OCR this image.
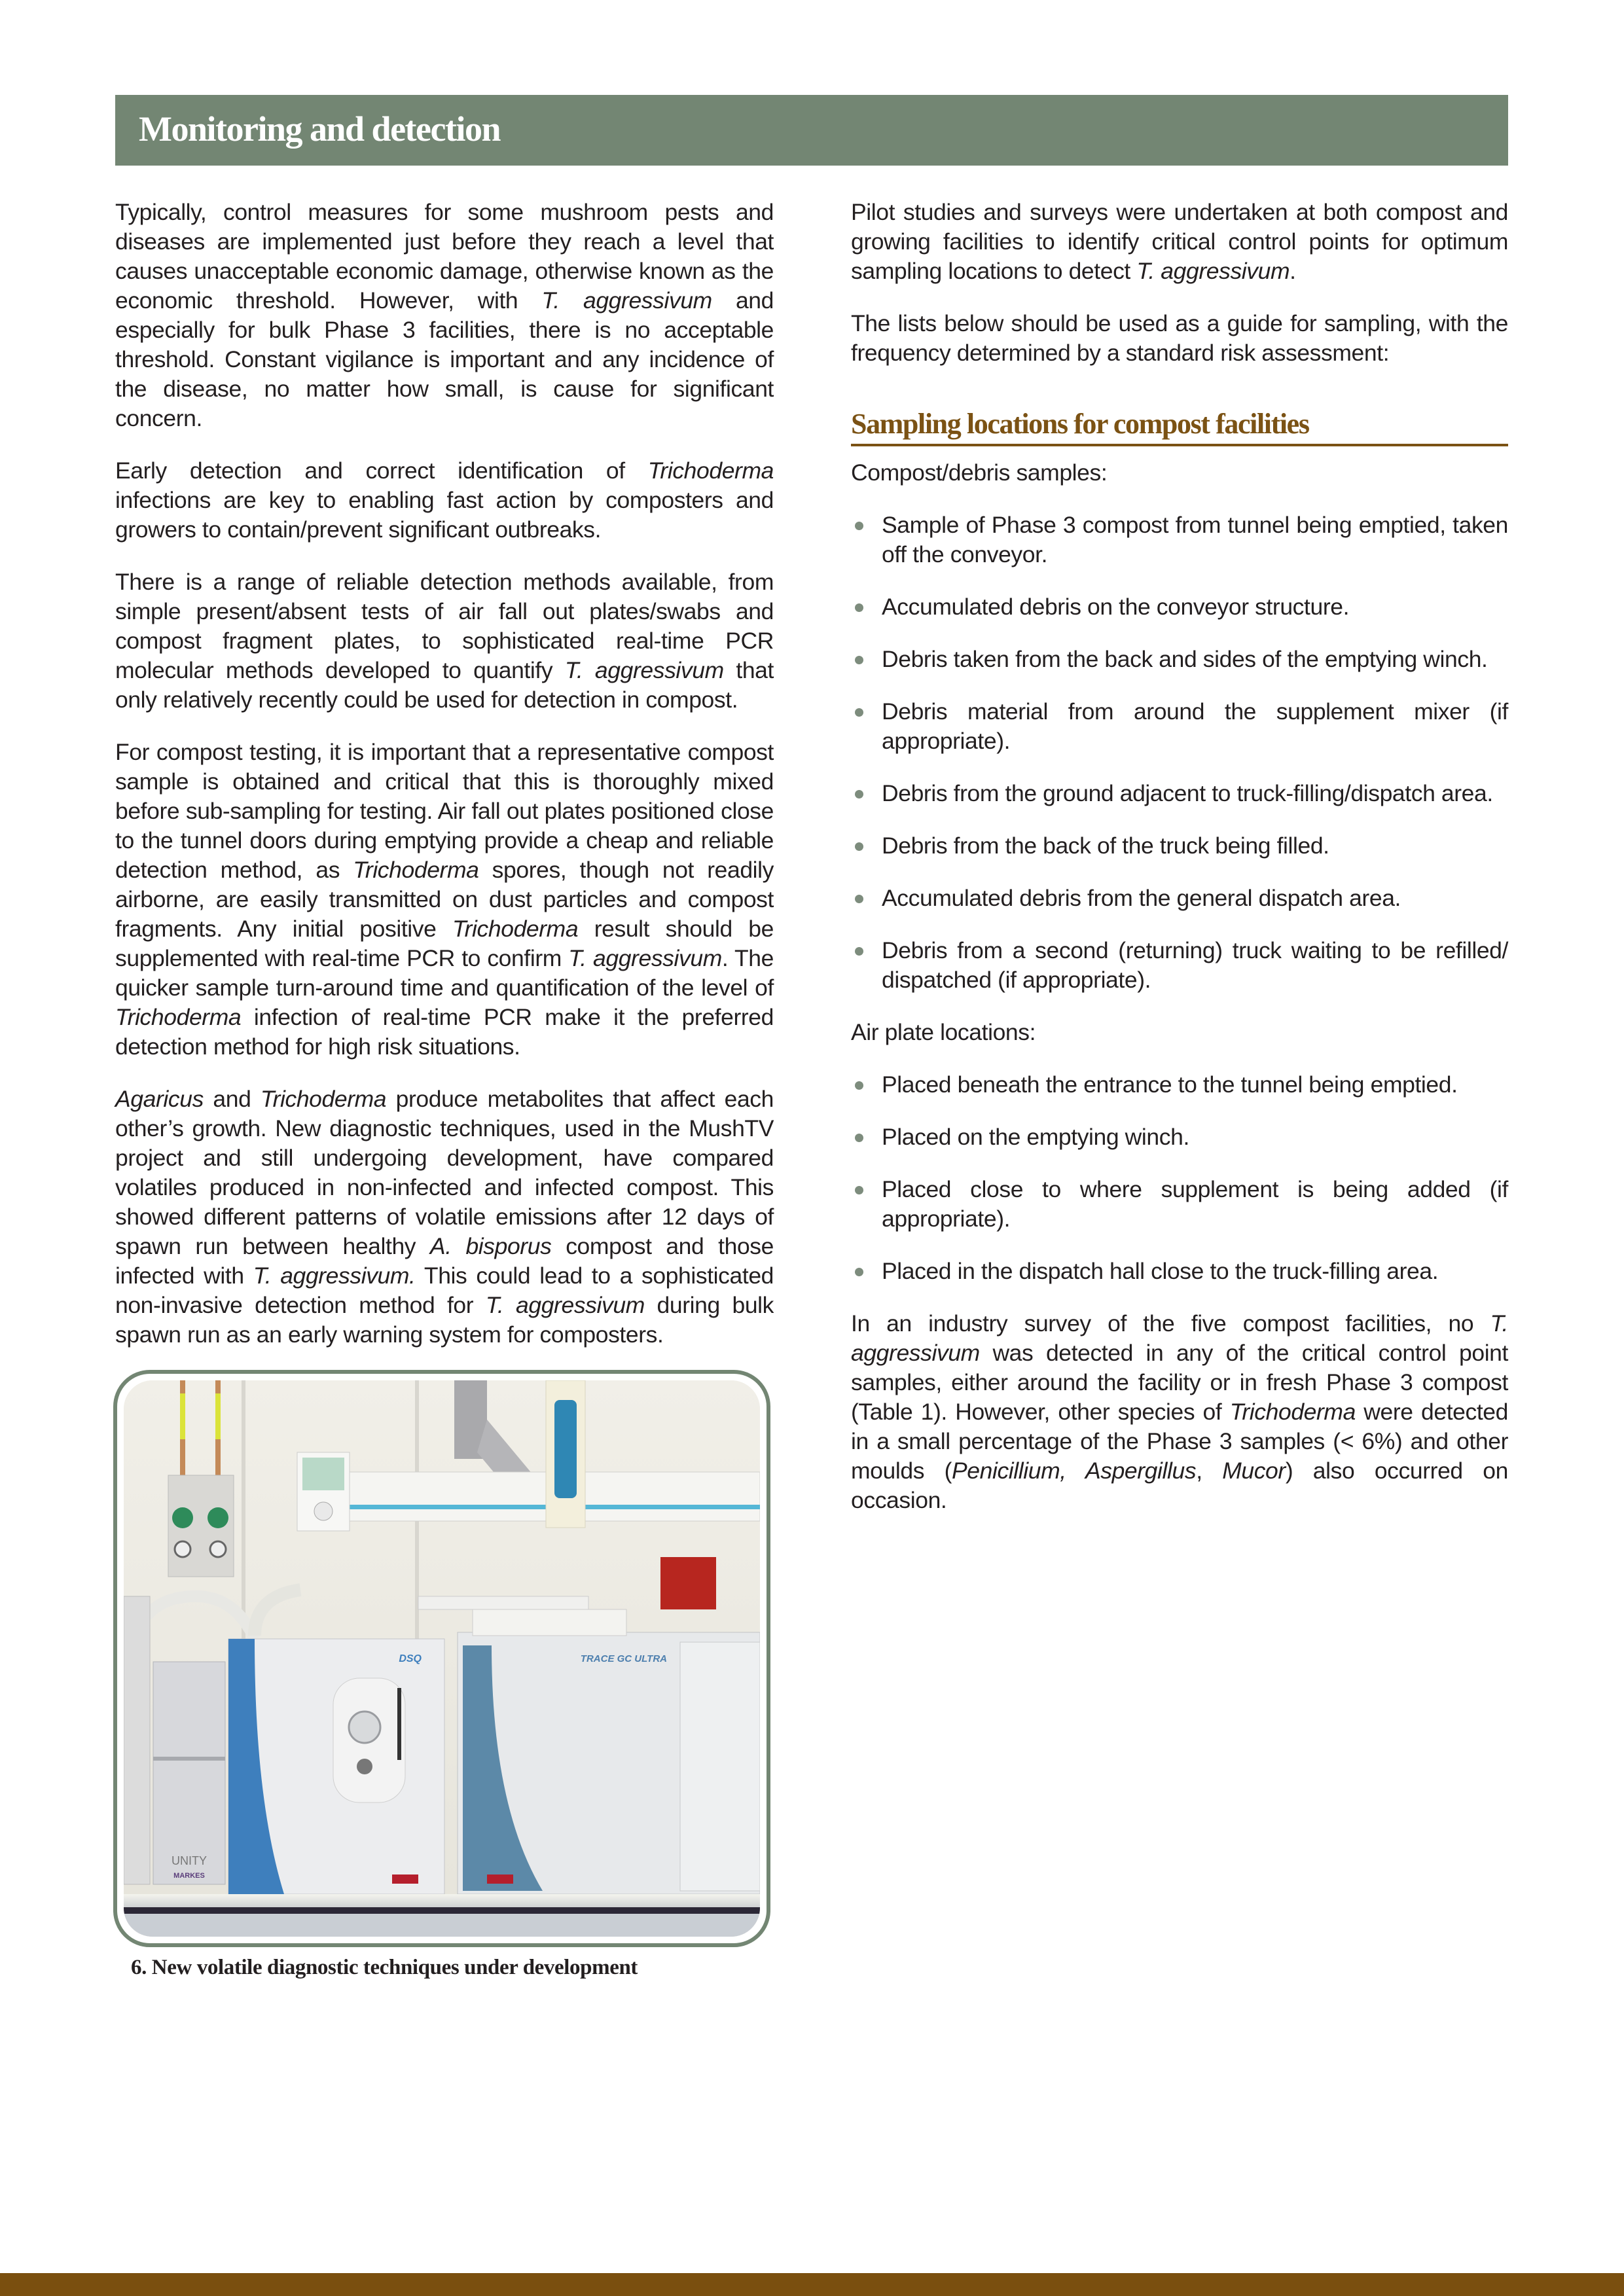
Monitoring and detection

Typically, control measures for some mushroom pests and diseases are implemented just before they reach a level that causes unacceptable economic damage, otherwise known as the economic threshold. However, with T. aggressivum and especially for bulk Phase 3 facilities, there is no acceptable threshold. Constant vigilance is important and any incidence of the disease, no matter how small, is cause for significant concern.

Early detection and correct identification of Trichoderma infections are key to enabling fast action by composters and growers to contain/prevent significant outbreaks.

There is a range of reliable detection methods available, from simple present/absent tests of air fall out plates/swabs and compost fragment plates, to sophisticated real-time PCR molecular methods developed to quantify T. aggressivum that only relatively recently could be used for detection in compost.

For compost testing, it is important that a representative compost sample is obtained and critical that this is thoroughly mixed before sub-sampling for testing. Air fall out plates positioned close to the tunnel doors during emptying provide a cheap and reliable detection method, as Trichoderma spores, though not readily airborne, are easily transmitted on dust particles and compost fragments. Any initial positive Trichoderma result should be supplemented with real-time PCR to confirm T. aggressivum. The quicker sample turn-around time and quantification of the level of Trichoderma infection of real-time PCR make it the preferred detection method for high risk situations.

Agaricus and Trichoderma produce metabolites that affect each other’s growth. New diagnostic techniques, used in the MushTV project and still undergoing development, have compared volatiles produced in non-infected and infected compost. This showed different patterns of volatile emissions after 12 days of spawn run between healthy A. bisporus compost and those infected with T. aggressivum. This could lead to a sophisticated non-invasive detection method for T. aggressivum during bulk spawn run as an early warning system for composters.

UNITY
MARKES
DSQ	TRACE GC ULTRA

6. New volatile diagnostic techniques under development

Pilot studies and surveys were undertaken at both compost and growing facilities to identify critical control points for optimum sampling locations to detect T. aggressivum.

The lists below should be used as a guide for sampling, with the frequency determined by a standard risk assessment:

Sampling locations for compost facilities

Compost/debris samples:

Sample of Phase 3 compost from tunnel being emptied, taken off the conveyor.
Accumulated debris on the conveyor structure.
Debris taken from the back and sides of the emptying winch.
Debris material from around the supplement mixer (if appropriate).
Debris from the ground adjacent to truck-filling/dispatch area.
Debris from the back of the truck being filled.
Accumulated debris from the general dispatch area.
Debris from a second (returning) truck waiting to be refilled/ dispatched (if appropriate).

Air plate locations:

Placed beneath the entrance to the tunnel being emptied.
Placed on the emptying winch.
Placed close to where supplement is being added (if appropriate).
Placed in the dispatch hall close to the truck-filling area.

In an industry survey of the five compost facilities, no T. aggressivum was detected in any of the critical control point samples, either around the facility or in fresh Phase 3 compost (Table 1). However, other species of Trichoderma were detected in a small percentage of the Phase 3 samples (< 6%) and other moulds (Penicillium, Aspergillus, Mucor) also occurred on occasion.
